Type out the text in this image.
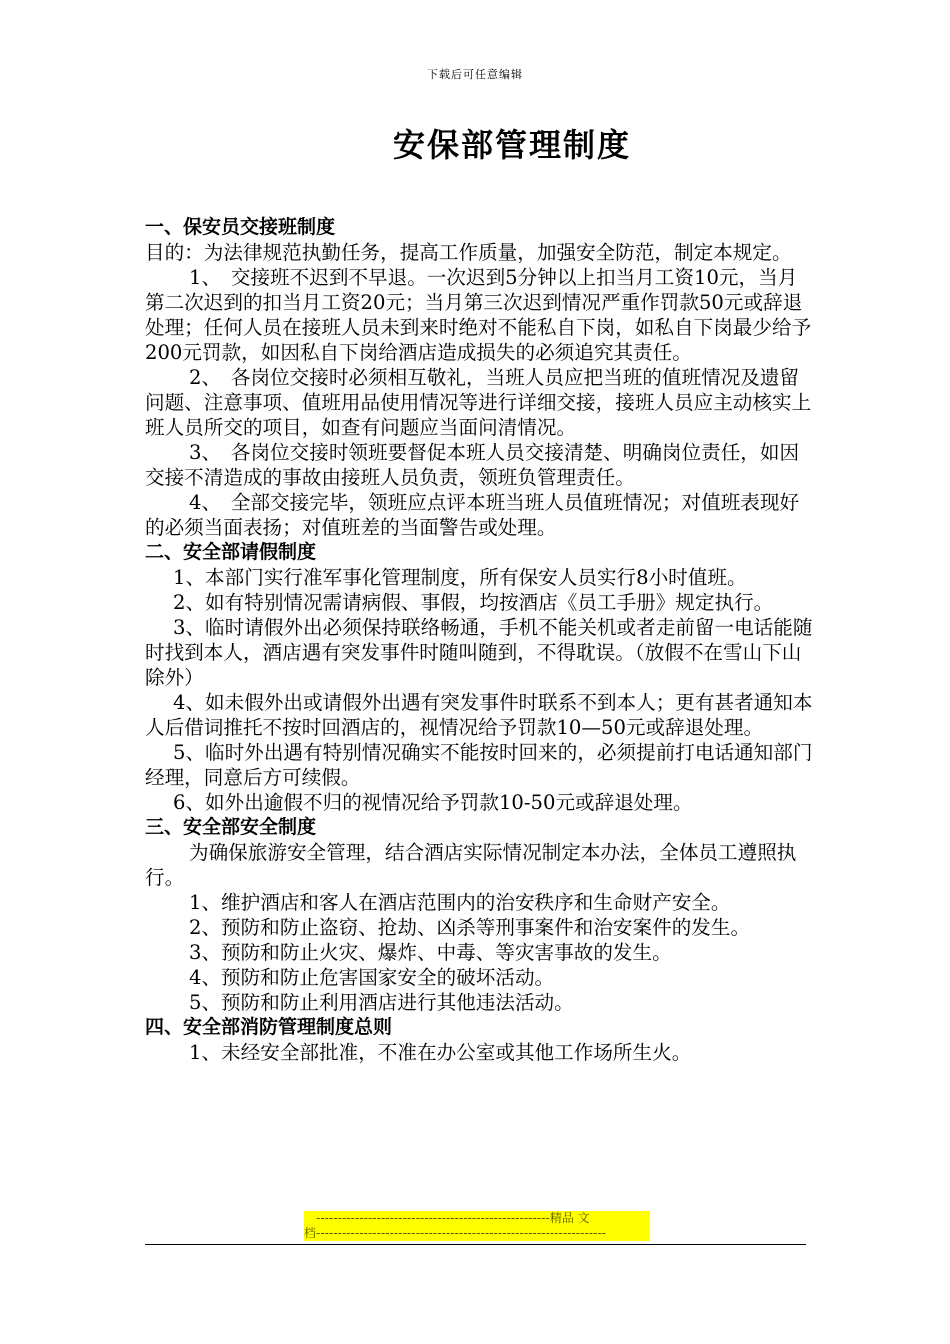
下载后可任意编辑
安保部管理制度

一、保安员交接班制度

目的：为法律规范执勤任务，提高工作质量，加强安全防范，制定本规定。

1、　交接班不迟到不早退。一次迟到5分钟以上扣当月工资10元，当月第二次迟到的扣当月工资20元；当月第三次迟到情况严重作罚款50元或辞退处理；任何人员在接班人员未到来时绝对不能私自下岗，如私自下岗最少给予200元罚款，如因私自下岗给酒店造成损失的必须追究其责任。

2、　各岗位交接时必须相互敬礼，当班人员应把当班的值班情况及遗留问题、注意事项、值班用品使用情况等进行详细交接，接班人员应主动核实上班人员所交的项目，如查有问题应当面问清情况。

3、　各岗位交接时领班要督促本班人员交接清楚、明确岗位责任，如因交接不清造成的事故由接班人员负责，领班负管理责任。

4、　全部交接完毕，领班应点评本班当班人员值班情况；对值班表现好的必须当面表扬；对值班差的当面警告或处理。

二、安全部请假制度

1、本部门实行准军事化管理制度，所有保安人员实行8小时值班。

2、如有特别情况需请病假、事假，均按酒店《员工手册》规定执行。

3、临时请假外出必须保持联络畅通，手机不能关机或者走前留一电话能随时找到本人，酒店遇有突发事件时随叫随到，不得耽误。（放假不在雪山下山除外）

4、如未假外出或请假外出遇有突发事件时联系不到本人；更有甚者通知本人后借词推托不按时回酒店的，视情况给予罚款10—50元或辞退处理。

5、临时外出遇有特别情况确实不能按时回来的，必须提前打电话通知部门经理，同意后方可续假。

6、如外出逾假不归的视情况给予罚款10-50元或辞退处理。

三、安全部安全制度

为确保旅游安全管理，结合酒店实际情况制定本办法，全体员工遵照执行。

1、维护酒店和客人在酒店范围内的治安秩序和生命财产安全。

2、预防和防止盗窃、抢劫、凶杀等刑事案件和治安案件的发生。

3、预防和防止火灾、爆炸、中毒、等灾害事故的发生。

4、预防和防止危害国家安全的破坏活动。

5、预防和防止利用酒店进行其他违法活动。

四、安全部消防管理制度总则

1、未经安全部批准，不准在办公室或其他工作场所生火。

------------------------------------------------------精品 文
档-------------------------------------------------------------------
